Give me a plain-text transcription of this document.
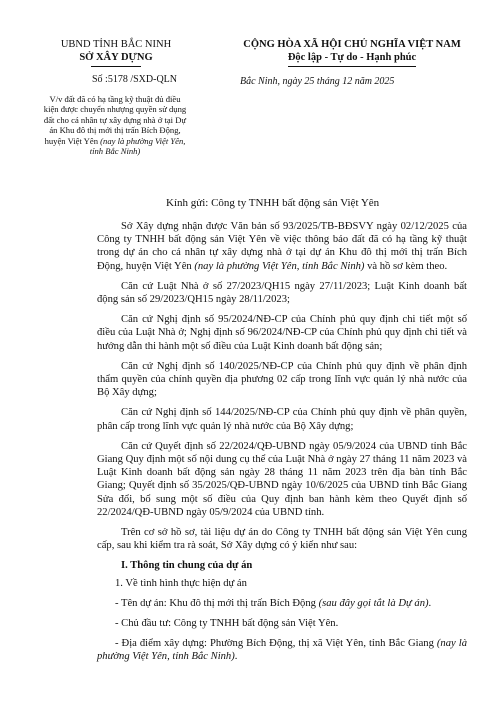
UBND TỈNH BẮC NINH
SỞ XÂY DỰNG
Số :5178 /SXD-QLN
V/v đất đã có hạ tầng kỹ thuật đủ điều kiện được chuyển nhượng quyền sử dụng đất cho cá nhân tự xây dựng nhà ở tại Dự án Khu đô thị mới thị trấn Bích Động, huyện Việt Yên (nay là phường Việt Yên, tỉnh Bắc Ninh)
CỘNG HÒA XÃ HỘI CHỦ NGHĨA VIỆT NAM
Độc lập - Tự do - Hạnh phúc
Bắc Ninh, ngày 25 tháng 12 năm 2025
Kính gửi: Công ty TNHH bất động sản Việt Yên

Sở Xây dựng nhận được Văn bản số 93/2025/TB-BĐSVY ngày 02/12/2025 của Công ty TNHH bất động sản Việt Yên về việc thông báo đất đã có hạ tầng kỹ thuật trong dự án cho cá nhân tự xây dựng nhà ở tại dự án Khu đô thị mới thị trấn Bích Động, huyện Việt Yên (nay là phường Việt Yên, tỉnh Bắc Ninh) và hồ sơ kèm theo.

Căn cứ Luật Nhà ở số 27/2023/QH15 ngày 27/11/2023; Luật Kinh doanh bất động sản số 29/2023/QH15 ngày 28/11/2023;

Căn cứ Nghị định số 95/2024/NĐ-CP của Chính phủ quy định chi tiết một số điều của Luật Nhà ở; Nghị định số 96/2024/NĐ-CP của Chính phủ quy định chi tiết và hướng dẫn thi hành một số điều của Luật Kinh doanh bất động sản;

Căn cứ Nghị định số 140/2025/NĐ-CP của Chính phủ quy định về phân định thẩm quyền của chính quyền địa phương 02 cấp trong lĩnh vực quản lý nhà nước của Bộ Xây dựng;

Căn cứ Nghị định số 144/2025/NĐ-CP của Chính phủ quy định về phân quyền, phân cấp trong lĩnh vực quản lý nhà nước của Bộ Xây dựng;

Căn cứ Quyết định số 22/2024/QĐ-UBND ngày 05/9/2024 của UBND tỉnh Bắc Giang Quy định một số nội dung cụ thể của Luật Nhà ở ngày 27 tháng 11 năm 2023 và Luật Kinh doanh bất động sản ngày 28 tháng 11 năm 2023 trên địa bàn tỉnh Bắc Giang; Quyết định số 35/2025/QĐ-UBND ngày 10/6/2025 của UBND tỉnh Bắc Giang Sửa đổi, bổ sung một số điều của Quy định ban hành kèm theo Quyết định số 22/2024/QĐ-UBND ngày 05/9/2024 của UBND tỉnh.

Trên cơ sở hồ sơ, tài liệu dự án do Công ty TNHH bất động sản Việt Yên cung cấp, sau khi kiểm tra rà soát, Sở Xây dựng có ý kiến như sau:

I. Thông tin chung của dự án

1. Về tình hình thực hiện dự án

- Tên dự án: Khu đô thị mới thị trấn Bích Động (sau đây gọi tắt là Dự án).

- Chủ đầu tư: Công ty TNHH bất động sản Việt Yên.

- Địa điểm xây dựng: Phường Bích Động, thị xã Việt Yên, tỉnh Bắc Giang (nay là phường Việt Yên, tỉnh Bắc Ninh).
